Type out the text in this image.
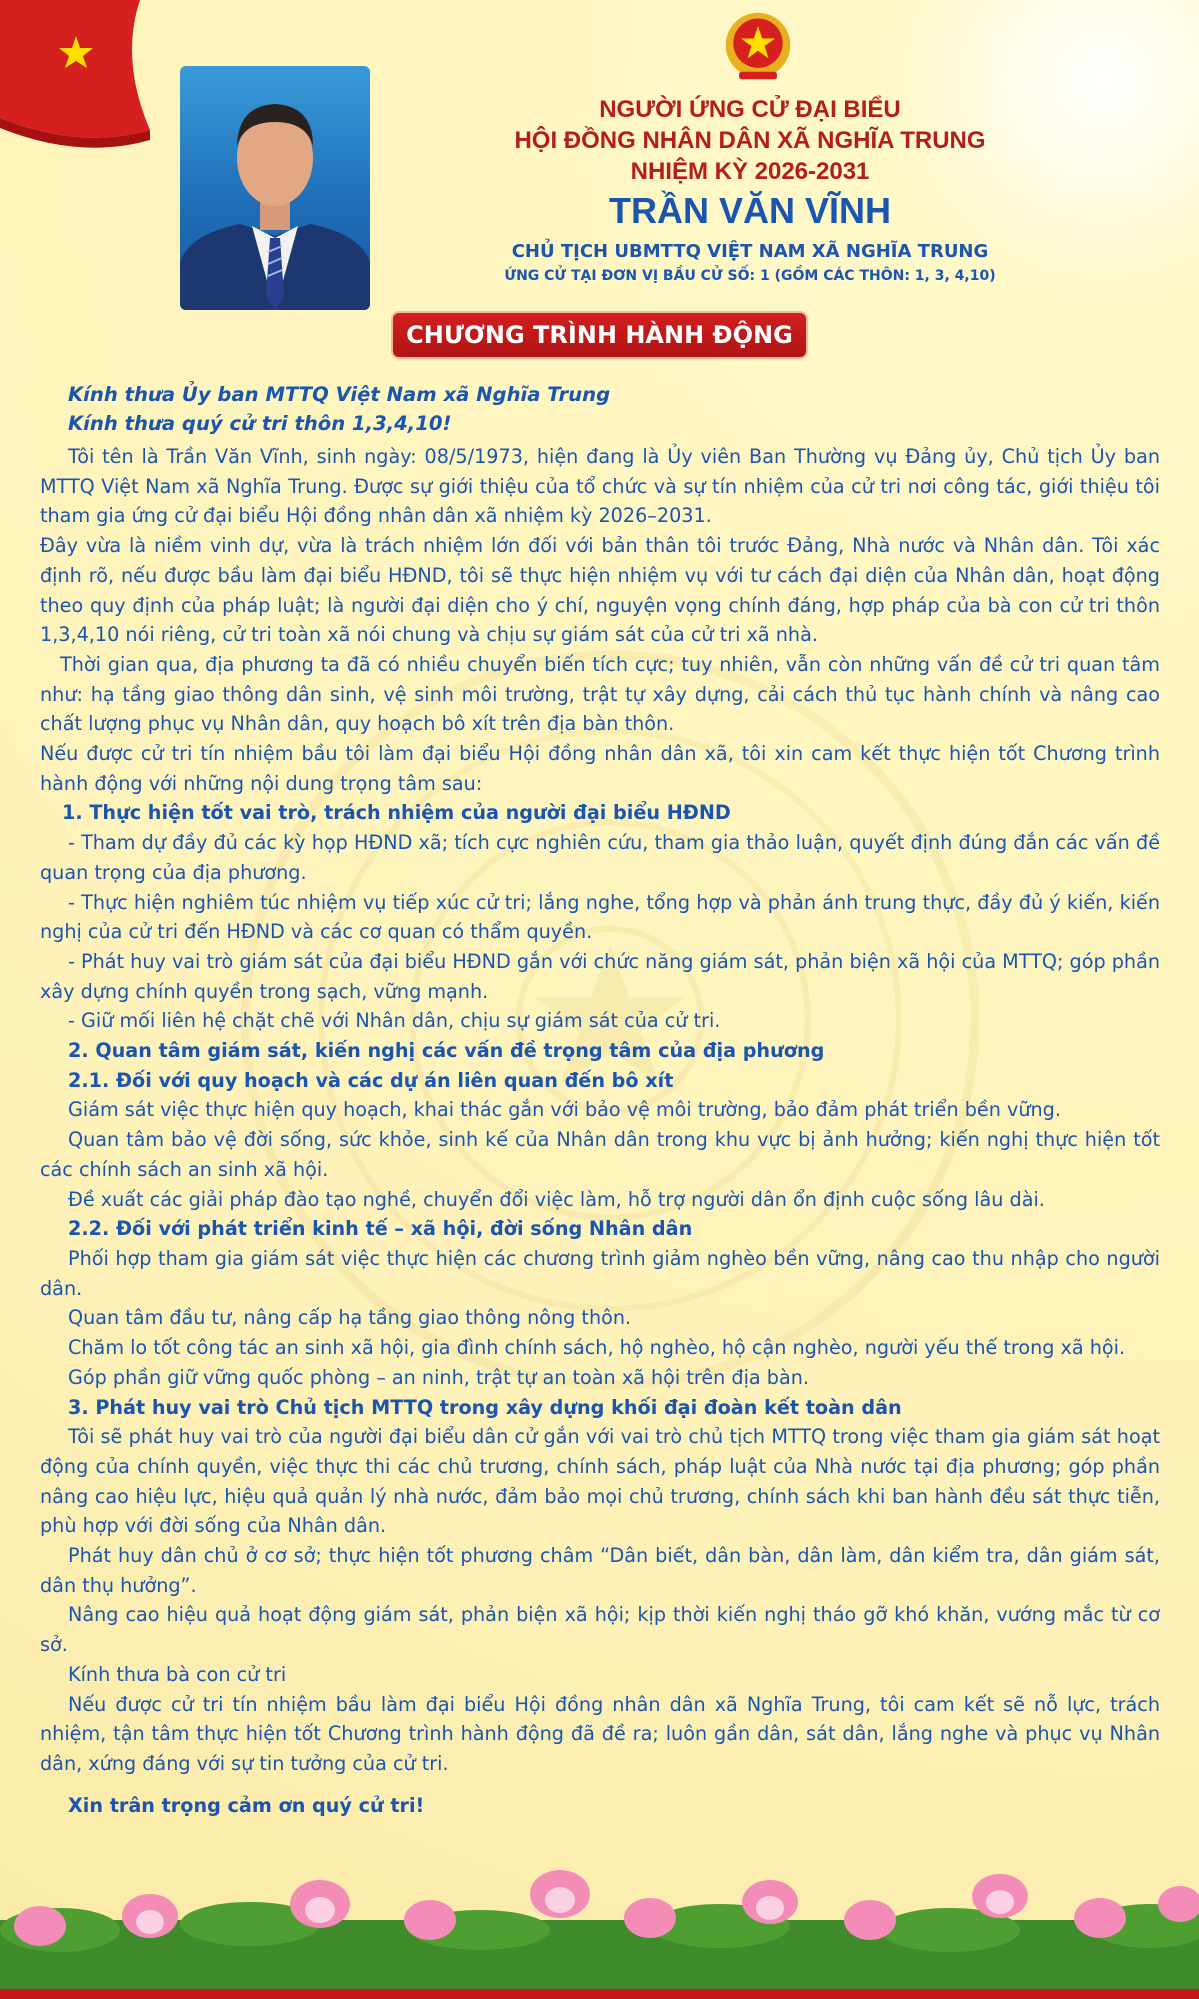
NGƯỜI ỨNG CỬ ĐẠI BIỂU
HỘI ĐỒNG NHÂN DÂN XÃ NGHĨA TRUNG
NHIỆM KỲ 2026-2031
TRẦN VĂN VĨNH
CHỦ TỊCH UBMTTQ VIỆT NAM XÃ NGHĨA TRUNG
ỨNG CỬ TẠI ĐƠN VỊ BẦU CỬ SỐ: 1 (GỒM CÁC THÔN: 1, 3, 4,10)
CHƯƠNG TRÌNH HÀNH ĐỘNG

Kính thưa Ủy ban MTTQ Việt Nam xã Nghĩa Trung

Kính thưa quý cử tri thôn 1,3,4,10!

Tôi tên là Trần Văn Vĩnh, sinh ngày: 08/5/1973, hiện đang là Ủy viên Ban Thường vụ Đảng ủy, Chủ tịch Ủy ban MTTQ Việt Nam xã Nghĩa Trung. Được sự giới thiệu của tổ chức và sự tín nhiệm của cử tri nơi công tác, giới thiệu tôi tham gia ứng cử đại biểu Hội đồng nhân dân xã nhiệm kỳ 2026–2031.

Đây vừa là niềm vinh dự, vừa là trách nhiệm lớn đối với bản thân tôi trước Đảng, Nhà nước và Nhân dân. Tôi xác định rõ, nếu được bầu làm đại biểu HĐND, tôi sẽ thực hiện nhiệm vụ với tư cách đại diện của Nhân dân, hoạt động theo quy định của pháp luật; là người đại diện cho ý chí, nguyện vọng chính đáng, hợp pháp của bà con cử tri thôn 1,3,4,10 nói riêng, cử tri toàn xã nói chung và chịu sự giám sát của cử tri xã nhà.

Thời gian qua, địa phương ta đã có nhiều chuyển biến tích cực; tuy nhiên, vẫn còn những vấn đề cử tri quan tâm như: hạ tầng giao thông dân sinh, vệ sinh môi trường, trật tự xây dựng, cải cách thủ tục hành chính và nâng cao chất lượng phục vụ Nhân dân, quy hoạch bô xít trên địa bàn thôn.

Nếu được cử tri tín nhiệm bầu tôi làm đại biểu Hội đồng nhân dân xã, tôi xin cam kết thực hiện tốt Chương trình hành động với những nội dung trọng tâm sau:

1. Thực hiện tốt vai trò, trách nhiệm của người đại biểu HĐND

- Tham dự đầy đủ các kỳ họp HĐND xã; tích cực nghiên cứu, tham gia thảo luận, quyết định đúng đắn các vấn đề quan trọng của địa phương.

- Thực hiện nghiêm túc nhiệm vụ tiếp xúc cử tri; lắng nghe, tổng hợp và phản ánh trung thực, đầy đủ ý kiến, kiến nghị của cử tri đến HĐND và các cơ quan có thẩm quyền.

- Phát huy vai trò giám sát của đại biểu HĐND gắn với chức năng giám sát, phản biện xã hội của MTTQ; góp phần xây dựng chính quyền trong sạch, vững mạnh.

- Giữ mối liên hệ chặt chẽ với Nhân dân, chịu sự giám sát của cử tri.

2. Quan tâm giám sát, kiến nghị các vấn đề trọng tâm của địa phương

2.1. Đối với quy hoạch và các dự án liên quan đến bô xít

Giám sát việc thực hiện quy hoạch, khai thác gắn với bảo vệ môi trường, bảo đảm phát triển bền vững.

Quan tâm bảo vệ đời sống, sức khỏe, sinh kế của Nhân dân trong khu vực bị ảnh hưởng; kiến nghị thực hiện tốt các chính sách an sinh xã hội.

Đề xuất các giải pháp đào tạo nghề, chuyển đổi việc làm, hỗ trợ người dân ổn định cuộc sống lâu dài.

2.2. Đối với phát triển kinh tế – xã hội, đời sống Nhân dân

Phối hợp tham gia giám sát việc thực hiện các chương trình giảm nghèo bền vững, nâng cao thu nhập cho người dân.

Quan tâm đầu tư, nâng cấp hạ tầng giao thông nông thôn.

Chăm lo tốt công tác an sinh xã hội, gia đình chính sách, hộ nghèo, hộ cận nghèo, người yếu thế trong xã hội.

Góp phần giữ vững quốc phòng – an ninh, trật tự an toàn xã hội trên địa bàn.

3. Phát huy vai trò Chủ tịch MTTQ trong xây dựng khối đại đoàn kết toàn dân

Tôi sẽ phát huy vai trò của người đại biểu dân cử gắn với vai trò chủ tịch MTTQ trong việc tham gia giám sát hoạt động của chính quyền, việc thực thi các chủ trương, chính sách, pháp luật của Nhà nước tại địa phương; góp phần nâng cao hiệu lực, hiệu quả quản lý nhà nước, đảm bảo mọi chủ trương, chính sách khi ban hành đều sát thực tiễn, phù hợp với đời sống của Nhân dân.

Phát huy dân chủ ở cơ sở; thực hiện tốt phương châm “Dân biết, dân bàn, dân làm, dân kiểm tra, dân giám sát, dân thụ hưởng”.

Nâng cao hiệu quả hoạt động giám sát, phản biện xã hội; kịp thời kiến nghị tháo gỡ khó khăn, vướng mắc từ cơ sở.

Kính thưa bà con cử tri

Nếu được cử tri tín nhiệm bầu làm đại biểu Hội đồng nhân dân xã Nghĩa Trung, tôi cam kết sẽ nỗ lực, trách nhiệm, tận tâm thực hiện tốt Chương trình hành động đã đề ra; luôn gần dân, sát dân, lắng nghe và phục vụ Nhân dân, xứng đáng với sự tin tưởng của cử tri.

Xin trân trọng cảm ơn quý cử tri!
